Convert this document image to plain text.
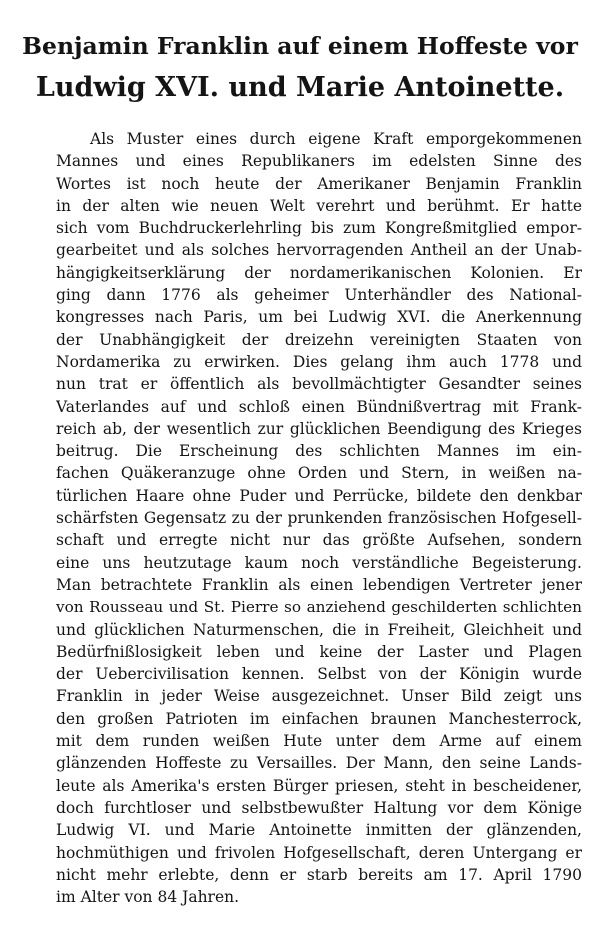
Benjamin Franklin auf einem Hoffeste vor
Ludwig XVI. und Marie Antoinette.
Als Muster eines durch eigene Kraft emporgekommenen
Mannes und eines Republikaners im edelsten Sinne des
Wortes ist noch heute der Amerikaner Benjamin Franklin
in der alten wie neuen Welt verehrt und berühmt. Er hatte
sich vom Buchdruckerlehrling bis zum Kongreßmitglied empor-
gearbeitet und als solches hervorragenden Antheil an der Unab-
hängigkeitserklärung der nordamerikanischen Kolonien. Er
ging dann 1776 als geheimer Unterhändler des National-
kongresses nach Paris, um bei Ludwig XVI. die Anerkennung
der Unabhängigkeit der dreizehn vereinigten Staaten von
Nordamerika zu erwirken. Dies gelang ihm auch 1778 und
nun trat er öffentlich als bevollmächtigter Gesandter seines
Vaterlandes auf und schloß einen Bündnißvertrag mit Frank-
reich ab, der wesentlich zur glücklichen Beendigung des Krieges
beitrug. Die Erscheinung des schlichten Mannes im ein-
fachen Quäkeranzuge ohne Orden und Stern, in weißen na-
türlichen Haare ohne Puder und Perrücke, bildete den denkbar
schärfsten Gegensatz zu der prunkenden französischen Hofgesell-
schaft und erregte nicht nur das größte Aufsehen, sondern
eine uns heutzutage kaum noch verständliche Begeisterung.
Man betrachtete Franklin als einen lebendigen Vertreter jener
von Rousseau und St. Pierre so anziehend geschilderten schlichten
und glücklichen Naturmenschen, die in Freiheit, Gleichheit und
Bedürfnißlosigkeit leben und keine der Laster und Plagen
der Uebercivilisation kennen. Selbst von der Königin wurde
Franklin in jeder Weise ausgezeichnet. Unser Bild zeigt uns
den großen Patrioten im einfachen braunen Manchesterrock,
mit dem runden weißen Hute unter dem Arme auf einem
glänzenden Hoffeste zu Versailles. Der Mann, den seine Lands-
leute als Amerika's ersten Bürger priesen, steht in bescheidener,
doch furchtloser und selbstbewußter Haltung vor dem Könige
Ludwig VI. und Marie Antoinette inmitten der glänzenden,
hochmüthigen und frivolen Hofgesellschaft, deren Untergang er
nicht mehr erlebte, denn er starb bereits am 17. April 1790
im Alter von 84 Jahren.
